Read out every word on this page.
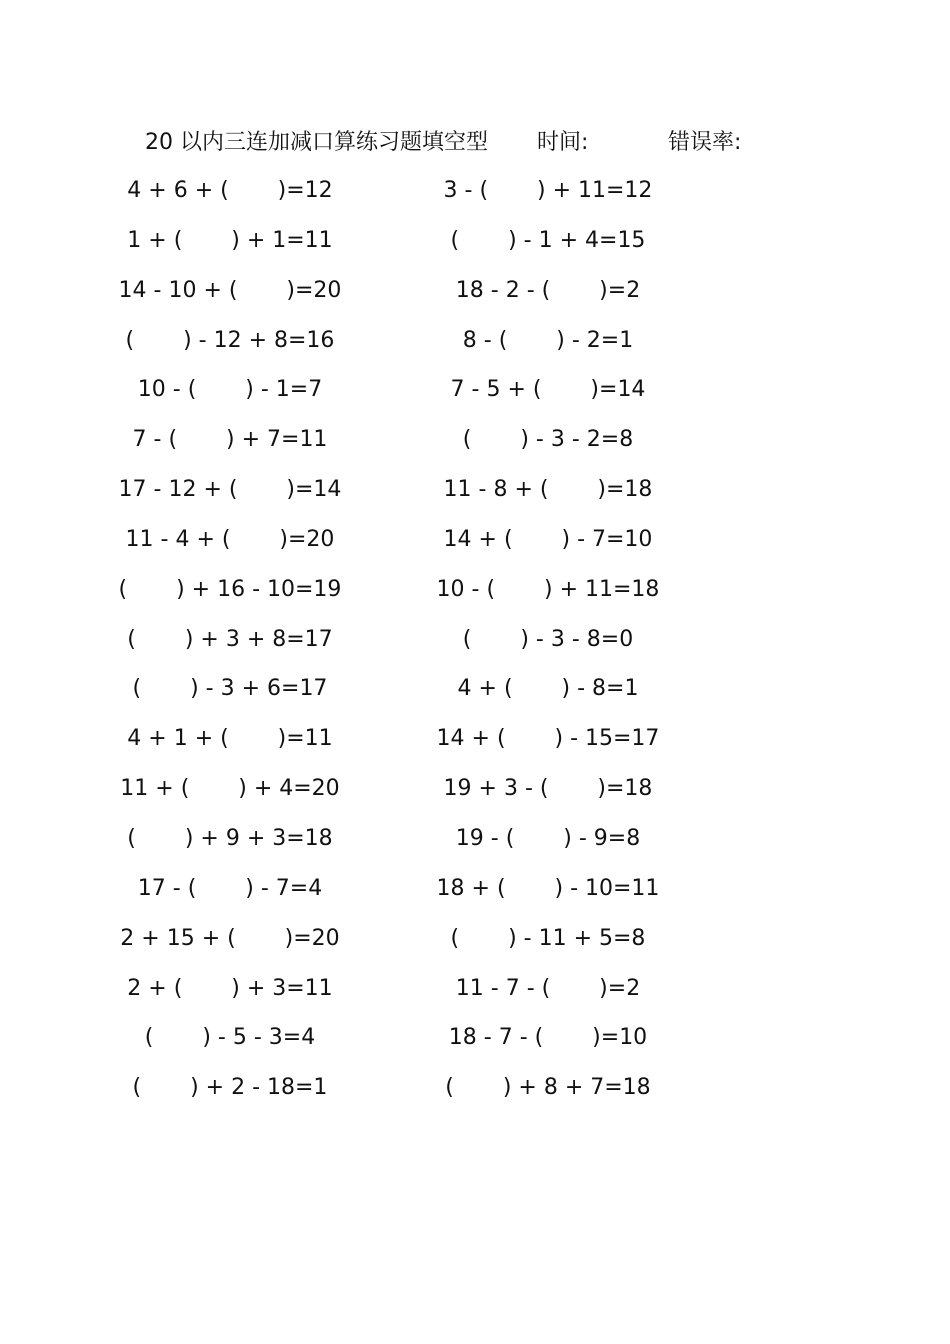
20 以内三连加减口算练习题填空型 时间:	错误率:
4 + 6 + (       )=12
1 + (       ) + 1=11
14 - 10 + (       )=20
(       ) - 12 + 8=16
10 - (       ) - 1=7
7 - (       ) + 7=11
17 - 12 + (       )=14
11 - 4 + (       )=20
(       ) + 16 - 10=19
(       ) + 3 + 8=17
(       ) - 3 + 6=17
4 + 1 + (       )=11
11 + (       ) + 4=20
(       ) + 9 + 3=18
17 - (       ) - 7=4
2 + 15 + (       )=20
2 + (       ) + 3=11
(       ) - 5 - 3=4
(       ) + 2 - 18=1
3 - (       ) + 11=12
(       ) - 1 + 4=15
18 - 2 - (       )=2
8 - (       ) - 2=1
7 - 5 + (       )=14
(       ) - 3 - 2=8
11 - 8 + (       )=18
14 + (       ) - 7=10
10 - (       ) + 11=18
(       ) - 3 - 8=0
4 + (       ) - 8=1
14 + (       ) - 15=17
19 + 3 - (       )=18
19 - (       ) - 9=8
18 + (       ) - 10=11
(       ) - 11 + 5=8
11 - 7 - (       )=2
18 - 7 - (       )=10
(       ) + 8 + 7=18
